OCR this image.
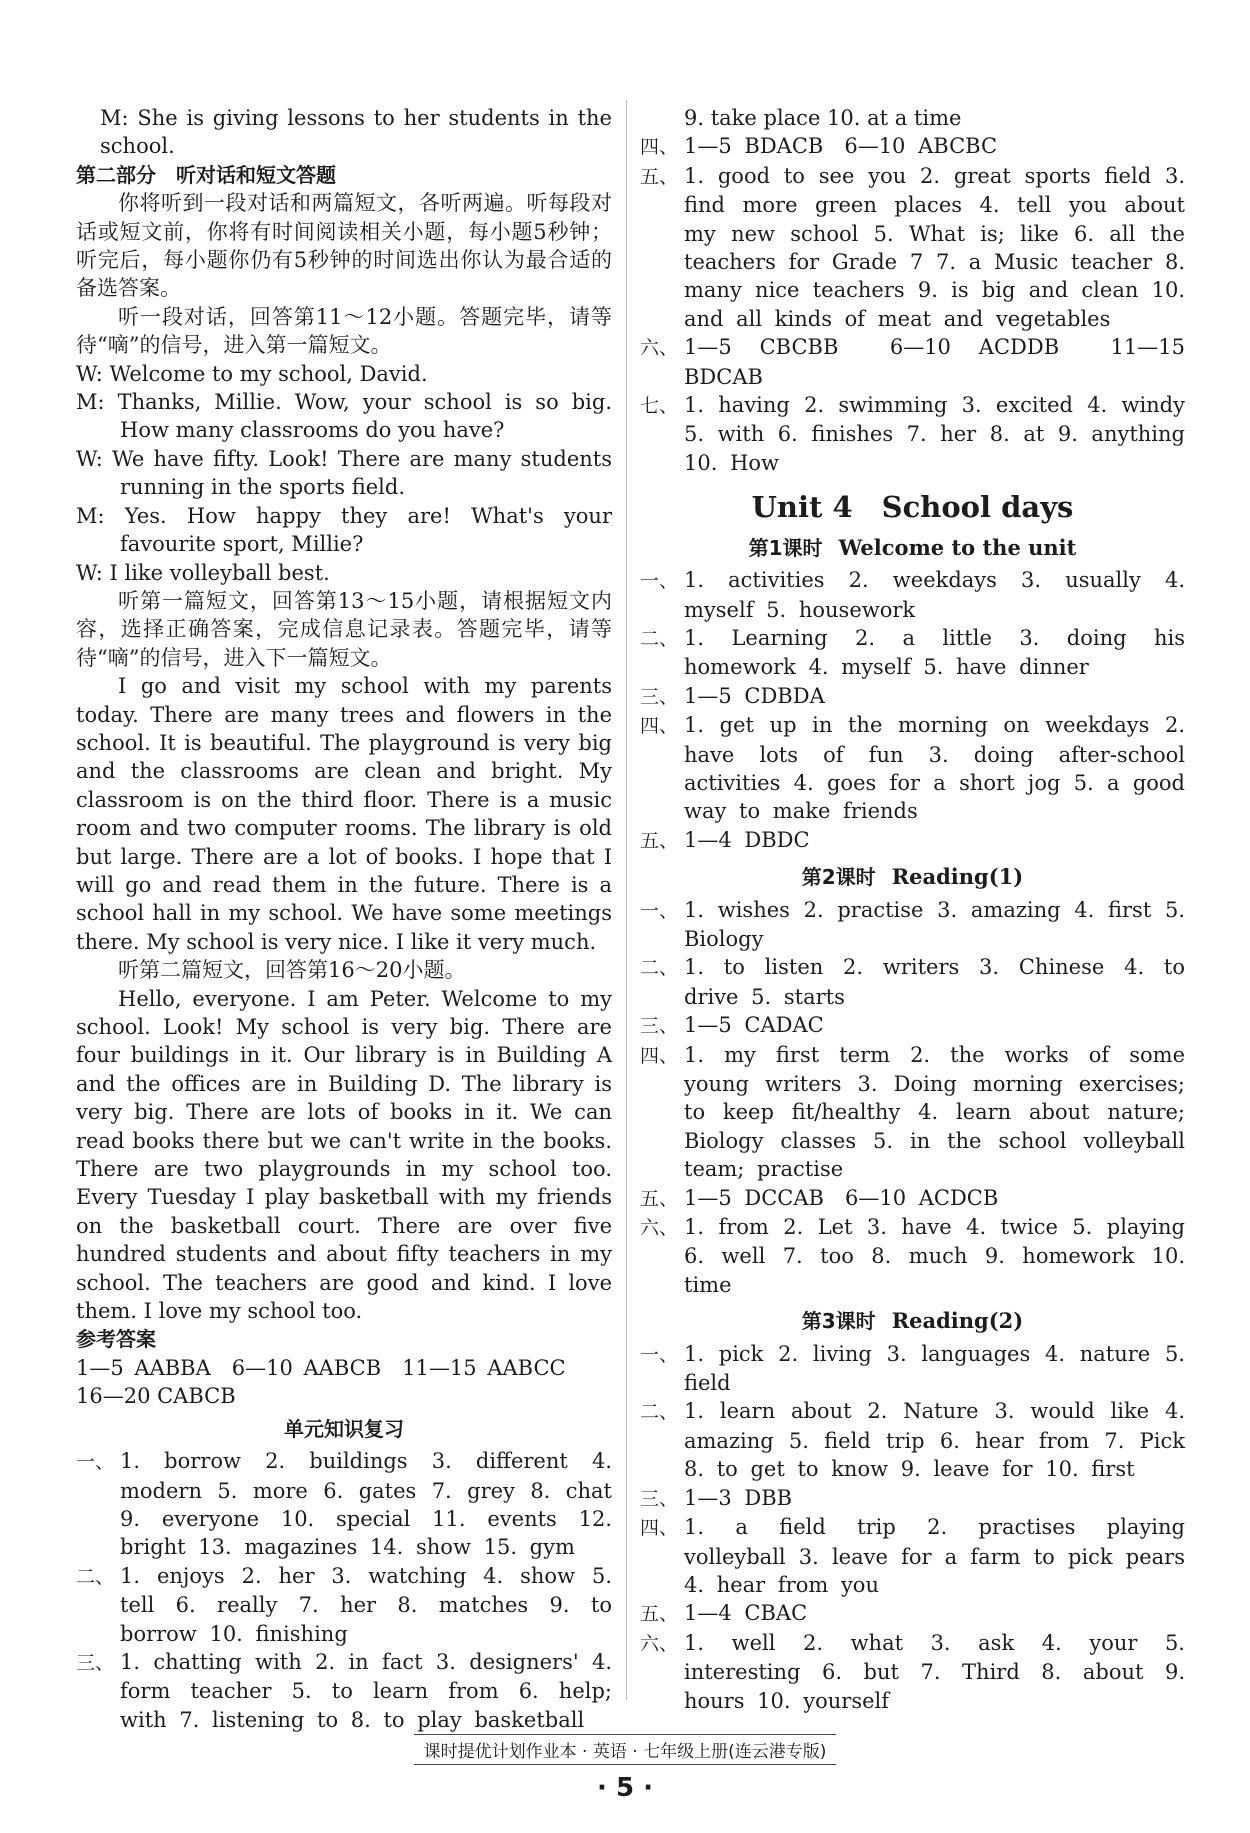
M: She is giving lessons to her students in the school.

第二部分　听对话和短文答题

你将听到一段对话和两篇短文，各听两遍。听每段对话或短文前，你将有时间阅读相关小题，每小题5秒钟；听完后，每小题你仍有5秒钟的时间选出你认为最合适的备选答案。

听一段对话，回答第11～12小题。答题完毕，请等待“嘀”的信号，进入第一篇短文。

W: Welcome to my school, David.

M: Thanks, Millie. Wow, your school is so big. How many classrooms do you have?

W: We have fifty. Look! There are many students running in the sports field.

M: Yes. How happy they are! What's your favourite sport, Millie?

W: I like volleyball best.

听第一篇短文，回答第13～15小题，请根据短文内容，选择正确答案，完成信息记录表。答题完毕，请等待“嘀”的信号，进入下一篇短文。

I go and visit my school with my parents today. There are many trees and flowers in the school. It is beautiful. The playground is very big and the classrooms are clean and bright. My classroom is on the third floor. There is a music room and two computer rooms. The library is old but large. There are a lot of books. I hope that I will go and read them in the future. There is a school hall in my school. We have some meetings there. My school is very nice. I like it very much.

听第二篇短文，回答第16～20小题。

Hello, everyone. I am Peter. Welcome to my school. Look! My school is very big. There are four buildings in it. Our library is in Building A and the offices are in Building D. The library is very big. There are lots of books in it. We can read books there but we can't write in the books. There are two playgrounds in my school too. Every Tuesday I play basketball with my friends on the basketball court. There are over five hundred students and about fifty teachers in my school. The teachers are good and kind. I love them. I love my school too.

参考答案

1—5 AABBA　6—10 AABCB　11—15 AABCC

16—20 CABCB

单元知识复习

一、 1. borrow 2. buildings 3. different 4. modern 5. more 6. gates 7. grey 8. chat 9. everyone 10. special 11. events 12. bright 13. magazines 14. show 15. gym

二、 1. enjoys 2. her 3. watching 4. show 5. tell 6. really 7. her 8. matches 9. to borrow 10. finishing

三、 1. chatting with 2. in fact 3. designers' 4. form teacher 5. to learn from 6. help; with 7. listening to 8. to play basketball

9. take place 10. at a time

四、 1—5 BDACB　6—10 ABCBC

五、 1. good to see you 2. great sports field 3. find more green places 4. tell you about my new school 5. What is; like 6. all the teachers for Grade 7 7. a Music teacher 8. many nice teachers 9. is big and clean 10. and all kinds of meat and vegetables

六、 1—5 CBCBB　6—10 ACDDB　11—15 BDCAB

七、 1. having 2. swimming 3. excited 4. windy 5. with 6. finishes 7. her 8. at 9. anything 10. How

Unit 4　School days

第1课时 Welcome to the unit

一、 1. activities 2. weekdays 3. usually 4. myself 5. housework

二、 1. Learning 2. a little 3. doing his homework 4. myself 5. have dinner

三、 1—5 CDBDA

四、 1. get up in the morning on weekdays 2. have lots of fun 3. doing after-school activities 4. goes for a short jog 5. a good way to make friends

五、 1—4 DBDC

第2课时 Reading(1)

一、 1. wishes 2. practise 3. amazing 4. first 5. Biology

二、 1. to listen 2. writers 3. Chinese 4. to drive 5. starts

三、 1—5 CADAC

四、 1. my first term 2. the works of some young writers 3. Doing morning exercises; to keep fit/healthy 4. learn about nature; Biology classes 5. in the school volleyball team; practise

五、 1—5 DCCAB　6—10 ACDCB

六、 1. from 2. Let 3. have 4. twice 5. playing 6. well 7. too 8. much 9. homework 10. time

第3课时 Reading(2)

一、 1. pick 2. living 3. languages 4. nature 5. field

二、 1. learn about 2. Nature 3. would like 4. amazing 5. field trip 6. hear from 7. Pick 8. to get to know 9. leave for 10. first

三、 1—3 DBB

四、 1. a field trip 2. practises playing volleyball 3. leave for a farm to pick pears 4. hear from you

五、 1—4 CBAC

六、 1. well 2. what 3. ask 4. your 5. interesting 6. but 7. Third 8. about 9. hours 10. yourself

课时提优计划作业本 · 英语 · 七年级上册(连云港专版)
· 5 ·
